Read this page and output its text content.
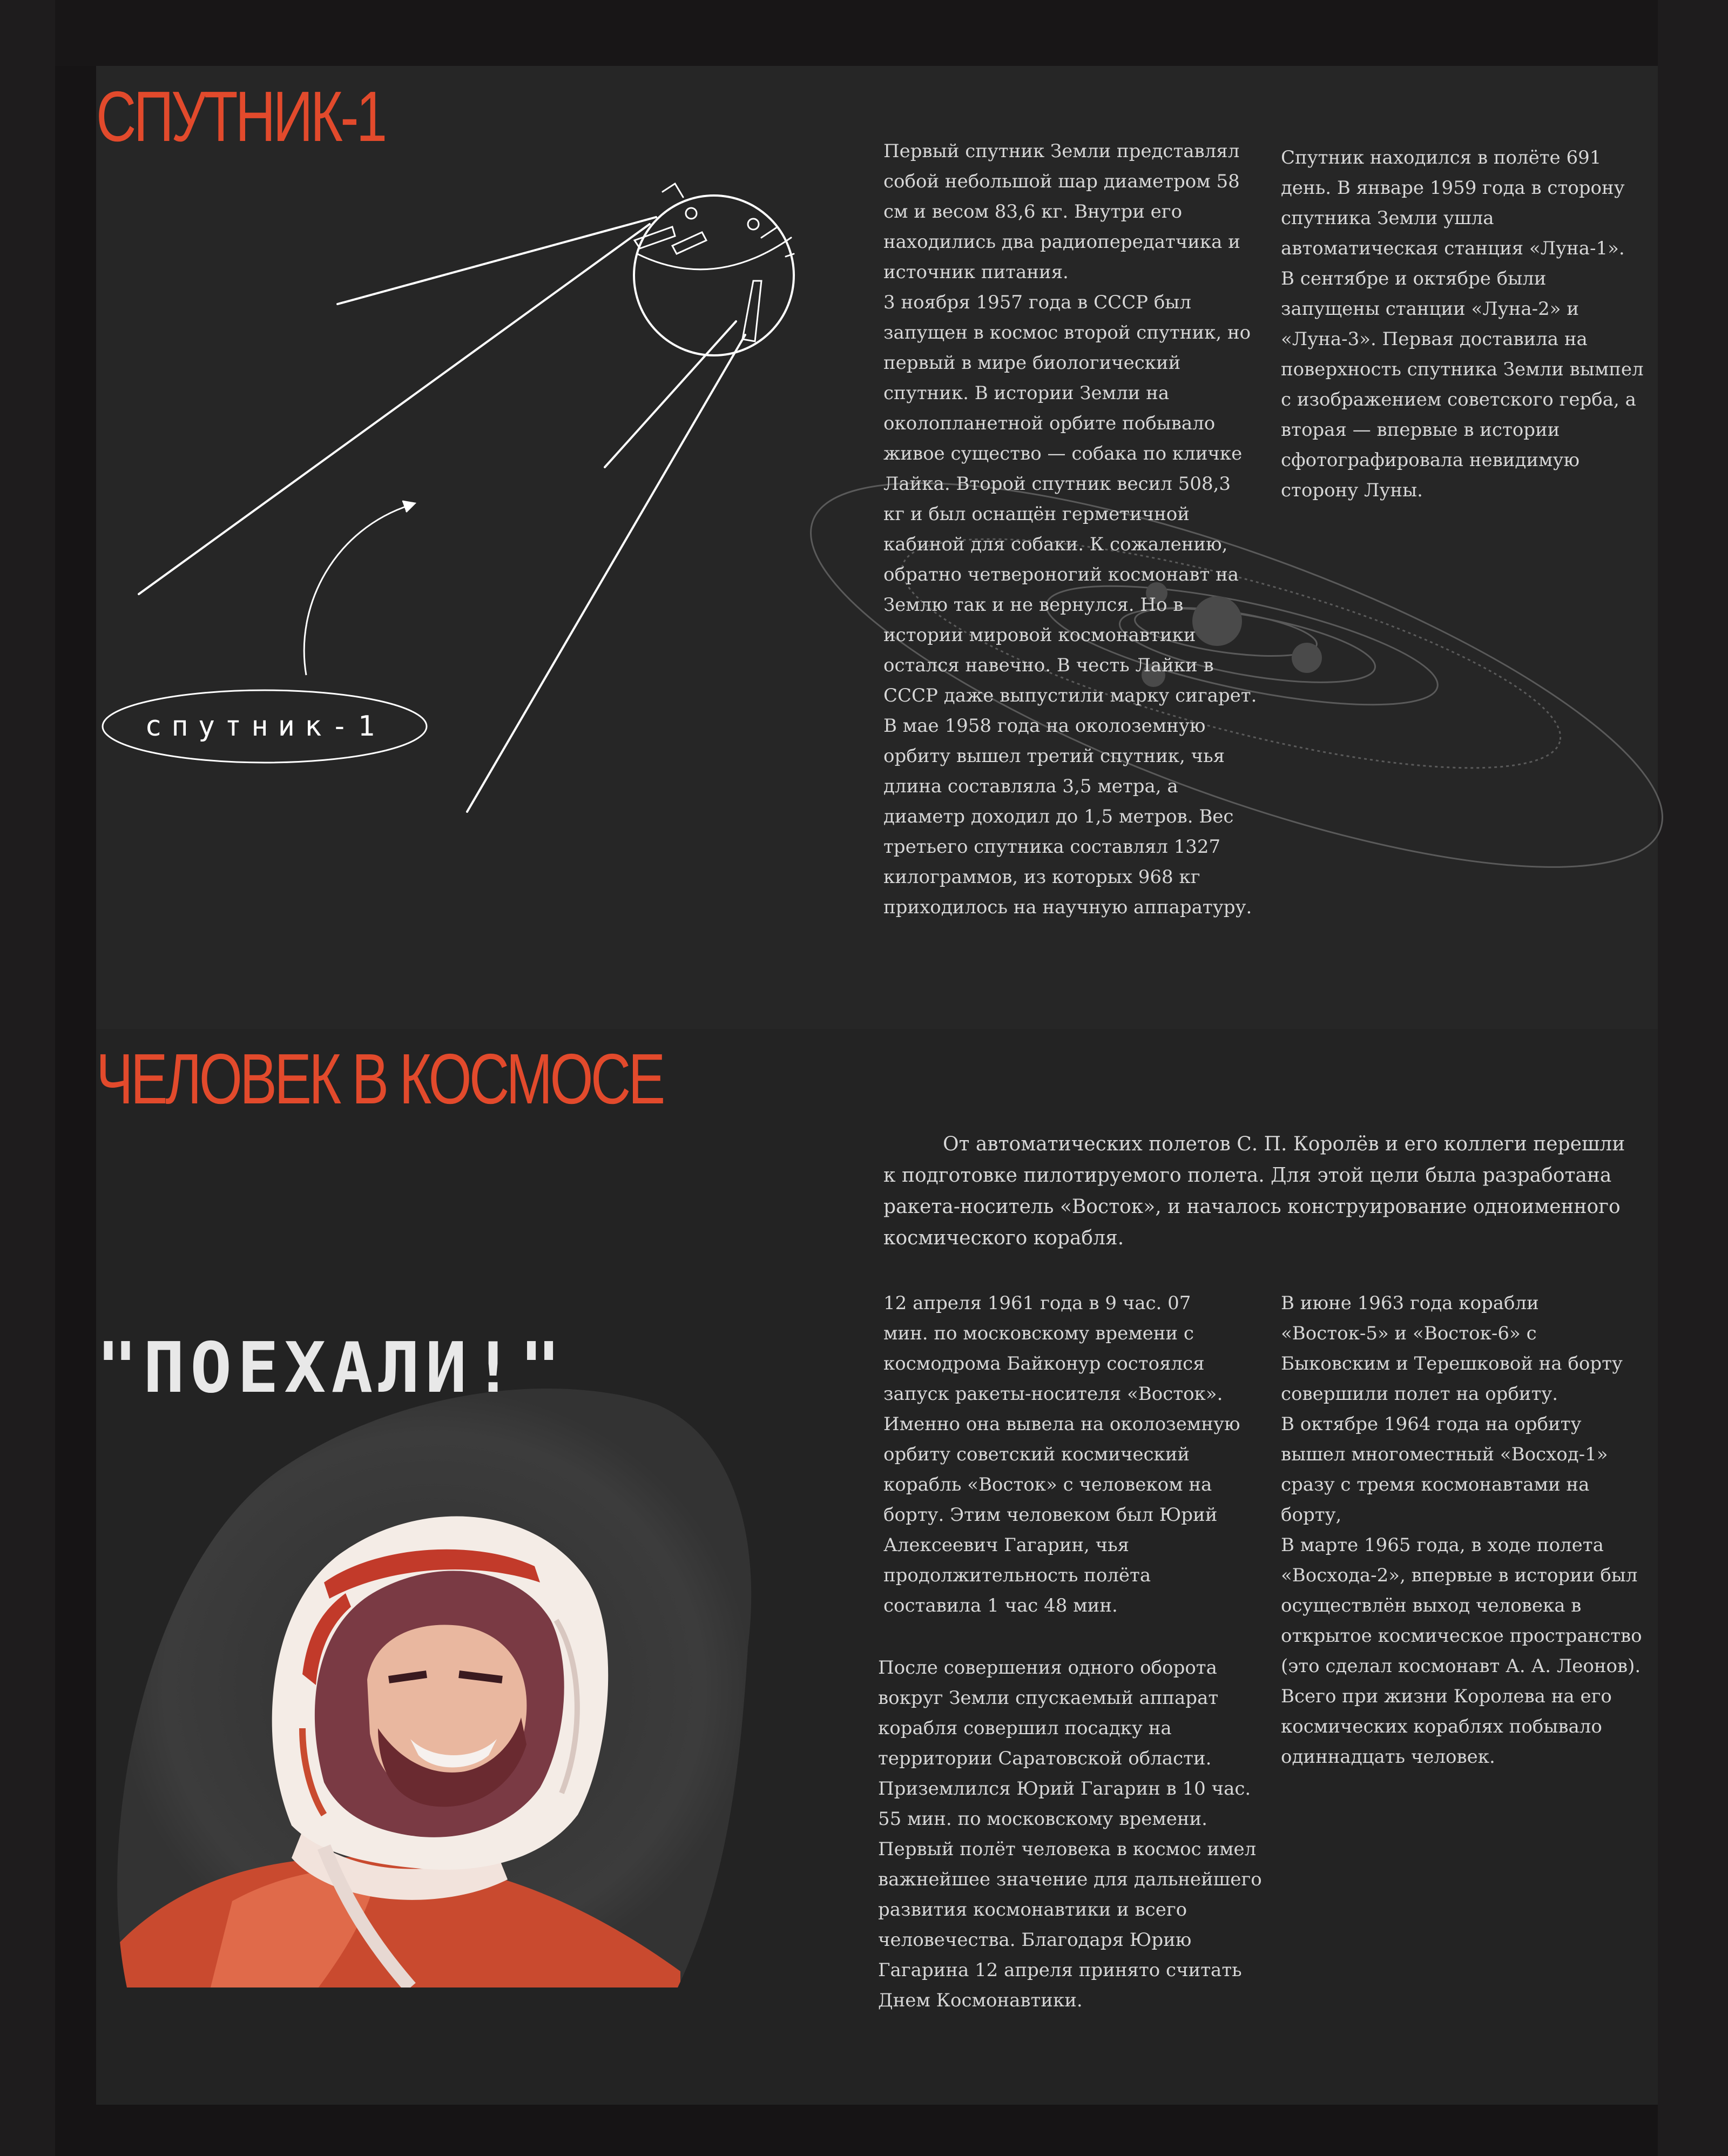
спутник-1
СПУТНИК-1	Первый спутник Земли представлял
собой небольшой шар диаметром 58
см и весом 83,6 кг. Внутри его
находились два радиопередатчика и
источник питания.
3 ноября 1957 года в СССР был
запущен в космос второй спутник, но
первый в мире биологический
спутник. В истории Земли на
околопланетной орбите побывало
живое существо — собака по кличке
Лайка. Второй спутник весил 508,3
кг и был оснащён герметичной
кабиной для собаки. К сожалению,
обратно четвероногий космонавт на
Землю так и не вернулся. Но в
истории мировой космонавтики
остался навечно. В честь Лайки в
СССР даже выпустили марку сигарет.
В мае 1958 года на околоземную
орбиту вышел третий спутник, чья
длина составляла 3,5 метра, а
диаметр доходил до 1,5 метров. Вес
третьего спутника составлял 1327
килограммов, из которых 968 кг
приходилось на научную аппаратуру.

Спутник находился в полёте 691
день. В январе 1959 года в сторону
спутника Земли ушла
автоматическая станция «Луна-1».
В сентябре и октябре были
запущены станции «Луна-2» и
«Луна-3». Первая доставила на
поверхность спутника Земли вымпел
с изображением советского герба, а
вторая — впервые в истории
сфотографировала невидимую
сторону Луны.

ЧЕЛОВЕК В КОСМОСЕ

От автоматических полетов С. П. Королёв и его коллеги перешли
к подготовке пилотируемого полета. Для этой цели была разработана
ракета-носитель «Восток», и началось конструирование одноименного
космического корабля.

"ПОЕХАЛИ!"

12 апреля 1961 года в 9 час. 07
мин. по московскому времени с
космодрома Байконур состоялся
запуск ракеты-носителя «Восток».
Именно она вывела на околоземную
орбиту советский космический
корабль «Восток» с человеком на
борту. Этим человеком был Юрий
Алексеевич Гагарин, чья
продолжительность полёта
составила 1 час 48 мин.

После совершения одного оборота
вокруг Земли спускаемый аппарат
корабля совершил посадку на
территории Саратовской области.
Приземлился Юрий Гагарин в 10 час.
55 мин. по московскому времени.
Первый полёт человека в космос имел
важнейшее значение для дальнейшего
развития космонавтики и всего
человечества. Благодаря Юрию
Гагарина 12 апреля принято считать
Днем Космонавтики.

В июне 1963 года корабли
«Восток-5» и «Восток-6» с
Быковским и Терешковой на борту
совершили полет на орбиту.
В октябре 1964 года на орбиту
вышел многоместный «Восход-1»
сразу с тремя космонавтами на
борту,
В марте 1965 года, в ходе полета
«Восхода-2», впервые в истории был
осуществлён выход человека в
открытое космическое пространство
(это сделал космонавт А. А. Леонов).
Всего при жизни Королева на его
космических кораблях побывало
одиннадцать человек.
